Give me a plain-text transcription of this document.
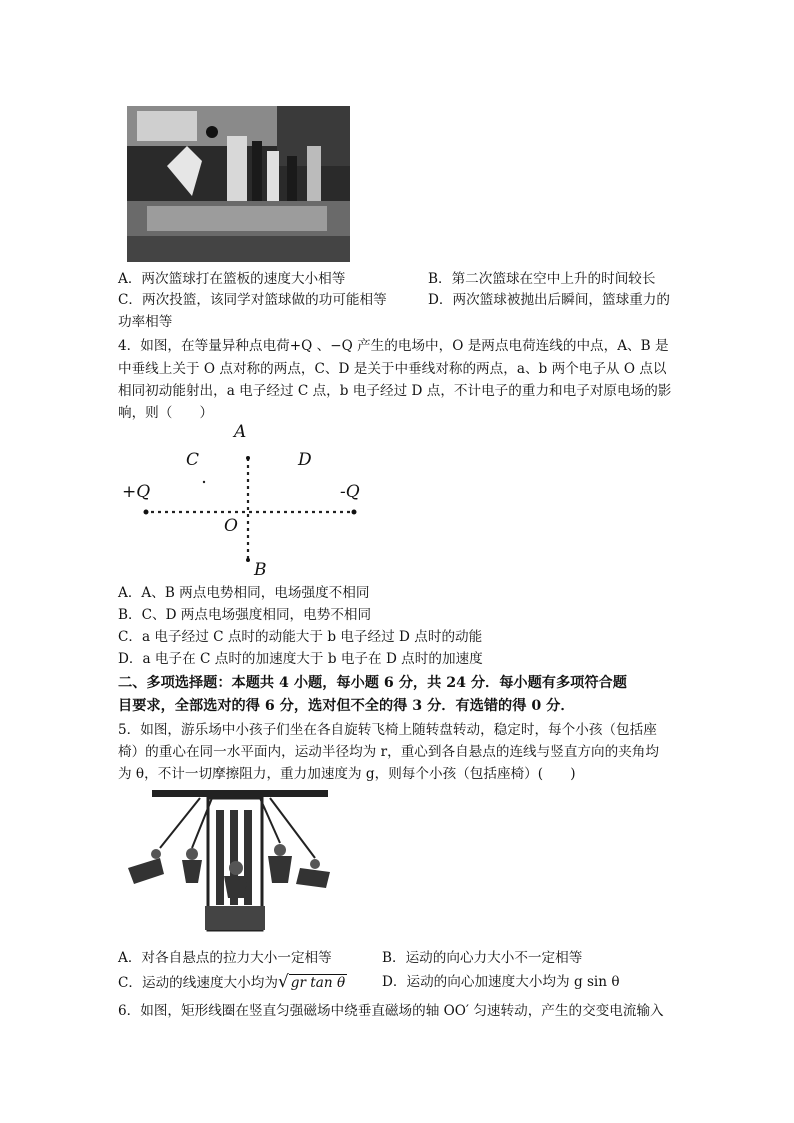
A．两次篮球打在篮板的速度大小相等	B．第二次篮球在空中上升的时间较长
C．两次投篮，该同学对篮球做的功可能相等	D．两次篮球被抛出后瞬间，篮球重力的
功率相等
4．如图，在等量异种点电荷+Q 、−Q 产生的电场中，O 是两点电荷连线的中点，A、B 是
中垂线上关于 O 点对称的两点，C、D 是关于中垂线对称的两点，a、b 两个电子从 O 点以
相同初动能射出，a 电子经过 C 点，b 电子经过 D 点，不计电子的重力和电子对原电场的影
响，则（　　）
A
C	D
+Q	-Q
O
B
A．A、B 两点电势相同，电场强度不相同
B．C、D 两点电场强度相同，电势不相同
C．a 电子经过 C 点时的动能大于 b 电子经过 D 点时的动能
D．a 电子在 C 点时的加速度大于 b 电子在 D 点时的加速度
二、多项选择题：本题共 4 小题，每小题 6 分，共 24 分．每小题有多项符合题
目要求，全部选对的得 6 分，选对但不全的得 3 分．有选错的得 0 分．
5．如图，游乐场中小孩子们坐在各自旋转飞椅上随转盘转动，稳定时，每个小孩（包括座
椅）的重心在同一水平面内，运动半径均为 r，重心到各自悬点的连线与竖直方向的夹角均
为 θ，不计一切摩擦阻力，重力加速度为 g，则每个小孩（包括座椅）(　　)
A．对各自悬点的拉力大小一定相等	B．运动的向心力大小不一定相等
C．运动的线速度大小均为√ gr tan θ	D．运动的向心加速度大小均为 g sin θ
6．如图，矩形线圈在竖直匀强磁场中绕垂直磁场的轴 OO′ 匀速转动，产生的交变电流输入
